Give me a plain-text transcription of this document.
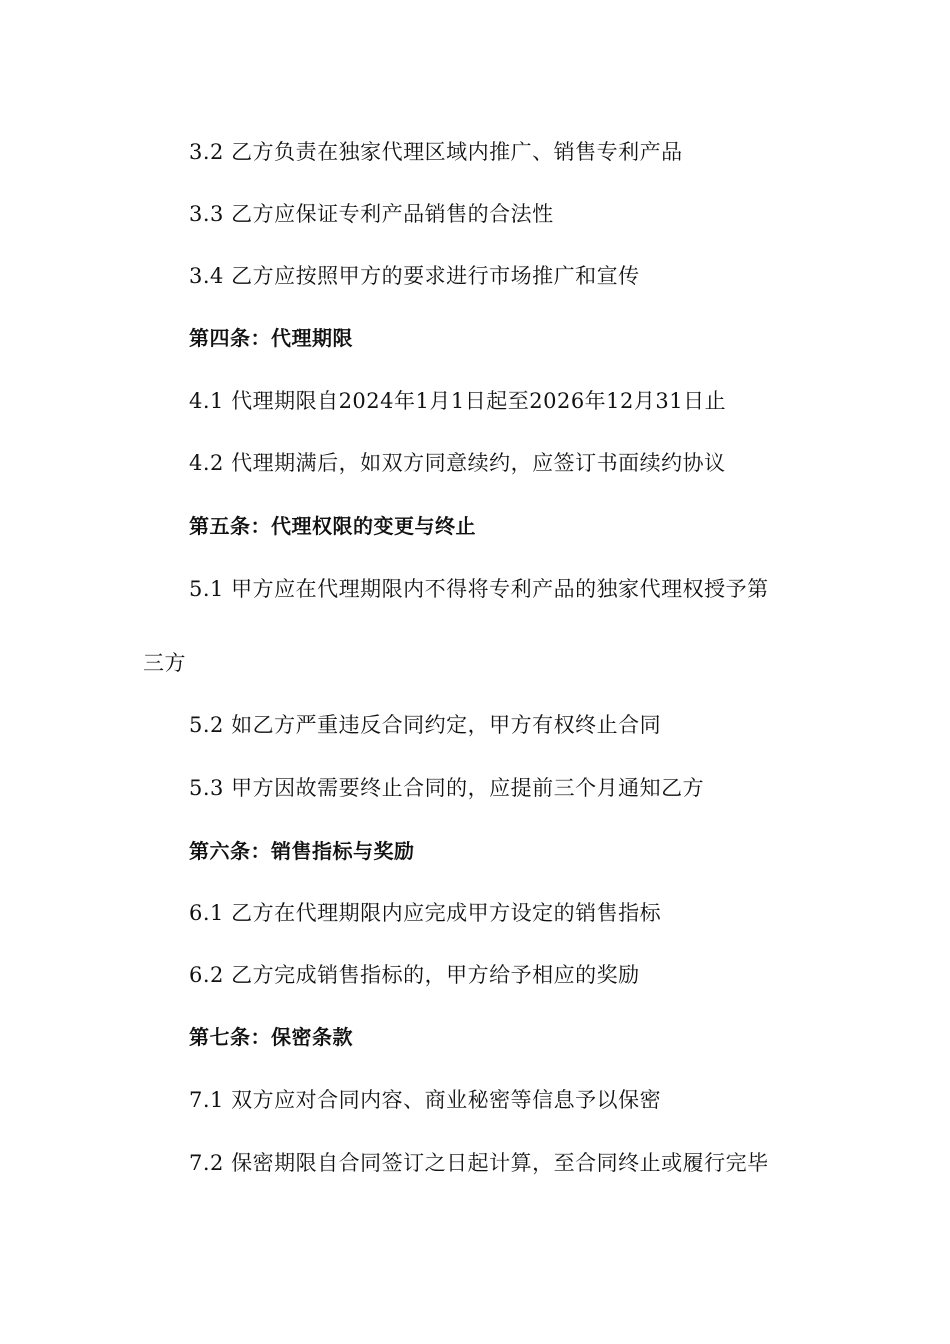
3.2 乙方负责在独家代理区域内推广、销售专利产品
3.3 乙方应保证专利产品销售的合法性
3.4 乙方应按照甲方的要求进行市场推广和宣传
第四条：代理期限
4.1 代理期限自2024年1月1日起至2026年12月31日止
4.2 代理期满后，如双方同意续约，应签订书面续约协议
第五条：代理权限的变更与终止
5.1 甲方应在代理期限内不得将专利产品的独家代理权授予第
三方
5.2 如乙方严重违反合同约定，甲方有权终止合同
5.3 甲方因故需要终止合同的，应提前三个月通知乙方
第六条：销售指标与奖励
6.1 乙方在代理期限内应完成甲方设定的销售指标
6.2 乙方完成销售指标的，甲方给予相应的奖励
第七条：保密条款
7.1 双方应对合同内容、商业秘密等信息予以保密
7.2 保密期限自合同签订之日起计算，至合同终止或履行完毕
